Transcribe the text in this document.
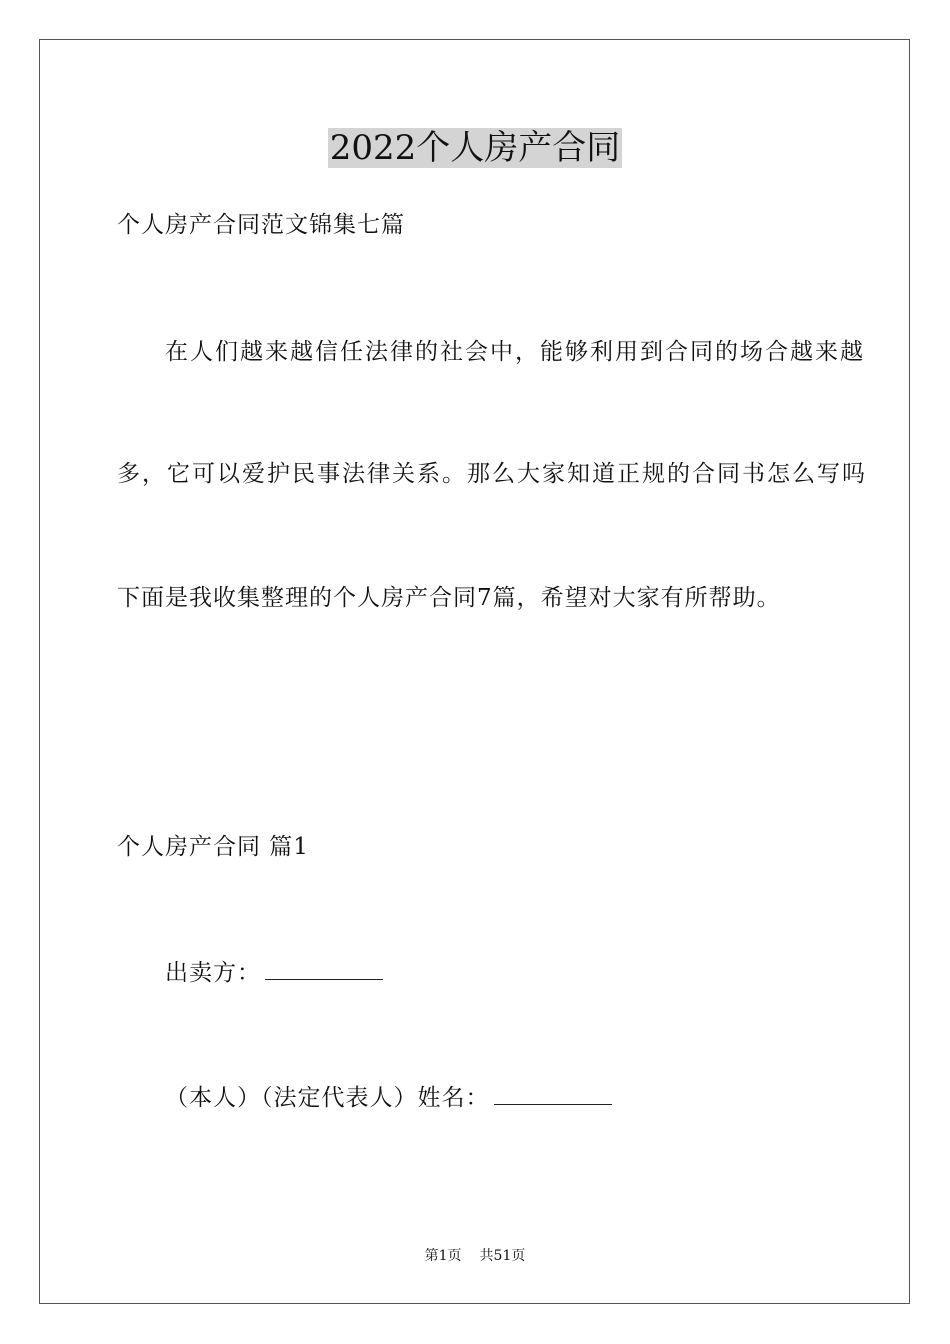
2022个人房产合同
个人房产合同范文锦集七篇
在人们越来越信任法律的社会中，能够利用到合同的场合越来越
多，它可以爱护民事法律关系。那么大家知道正规的合同书怎么写吗
下面是我收集整理的个人房产合同7篇，希望对大家有所帮助。
个人房产合同 篇1
出卖方：
（本人）（法定代表人）姓名：
第1页 共51页
